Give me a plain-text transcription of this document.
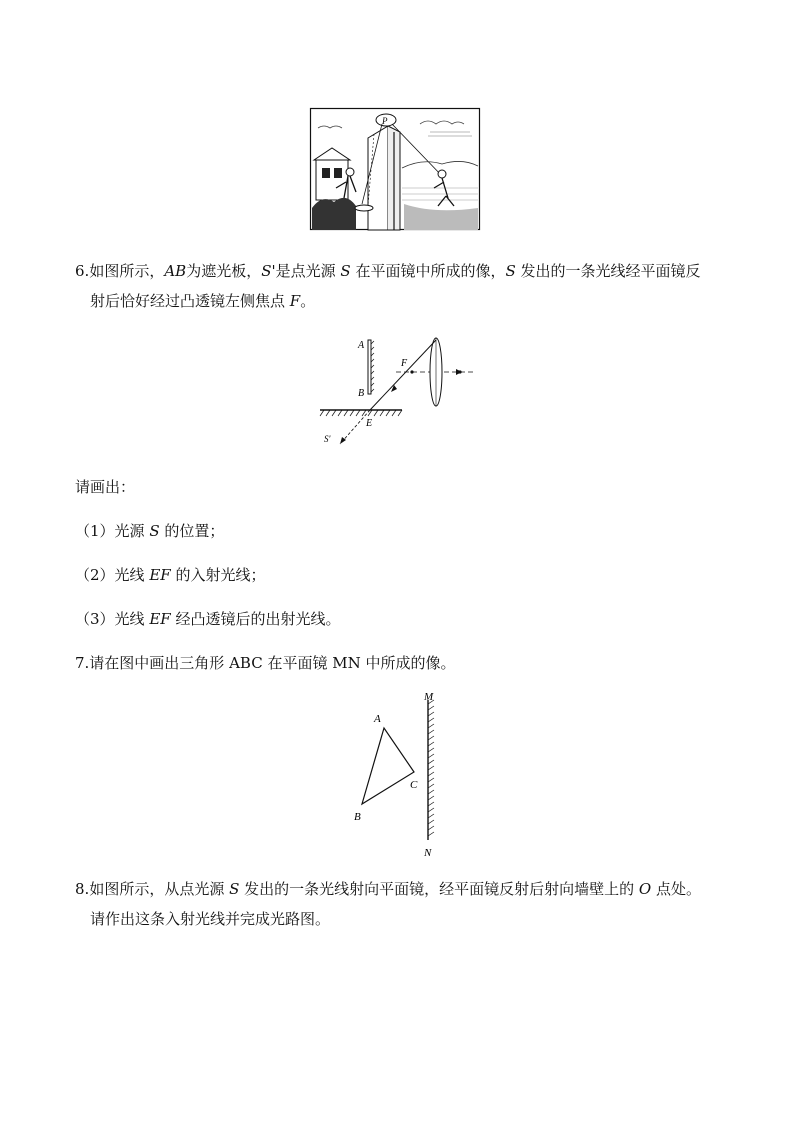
P
6.如图所示，AB为遮光板，S'是点光源 S 在平面镜中所成的像，S 发出的一条光线经平面镜反
射后恰好经过凸透镜左侧焦点 F。
A
B
F
E
S'
请画出：
（1）光源 S 的位置；
（2）光线 EF 的入射光线；
（3）光线 EF 经凸透镜后的出射光线。
7.请在图中画出三角形 ABC 在平面镜 MN 中所成的像。
M
N
A
B
C
8.如图所示，从点光源 S 发出的一条光线射向平面镜，经平面镜反射后射向墙壁上的 O 点处。
请作出这条入射光线并完成光路图。
